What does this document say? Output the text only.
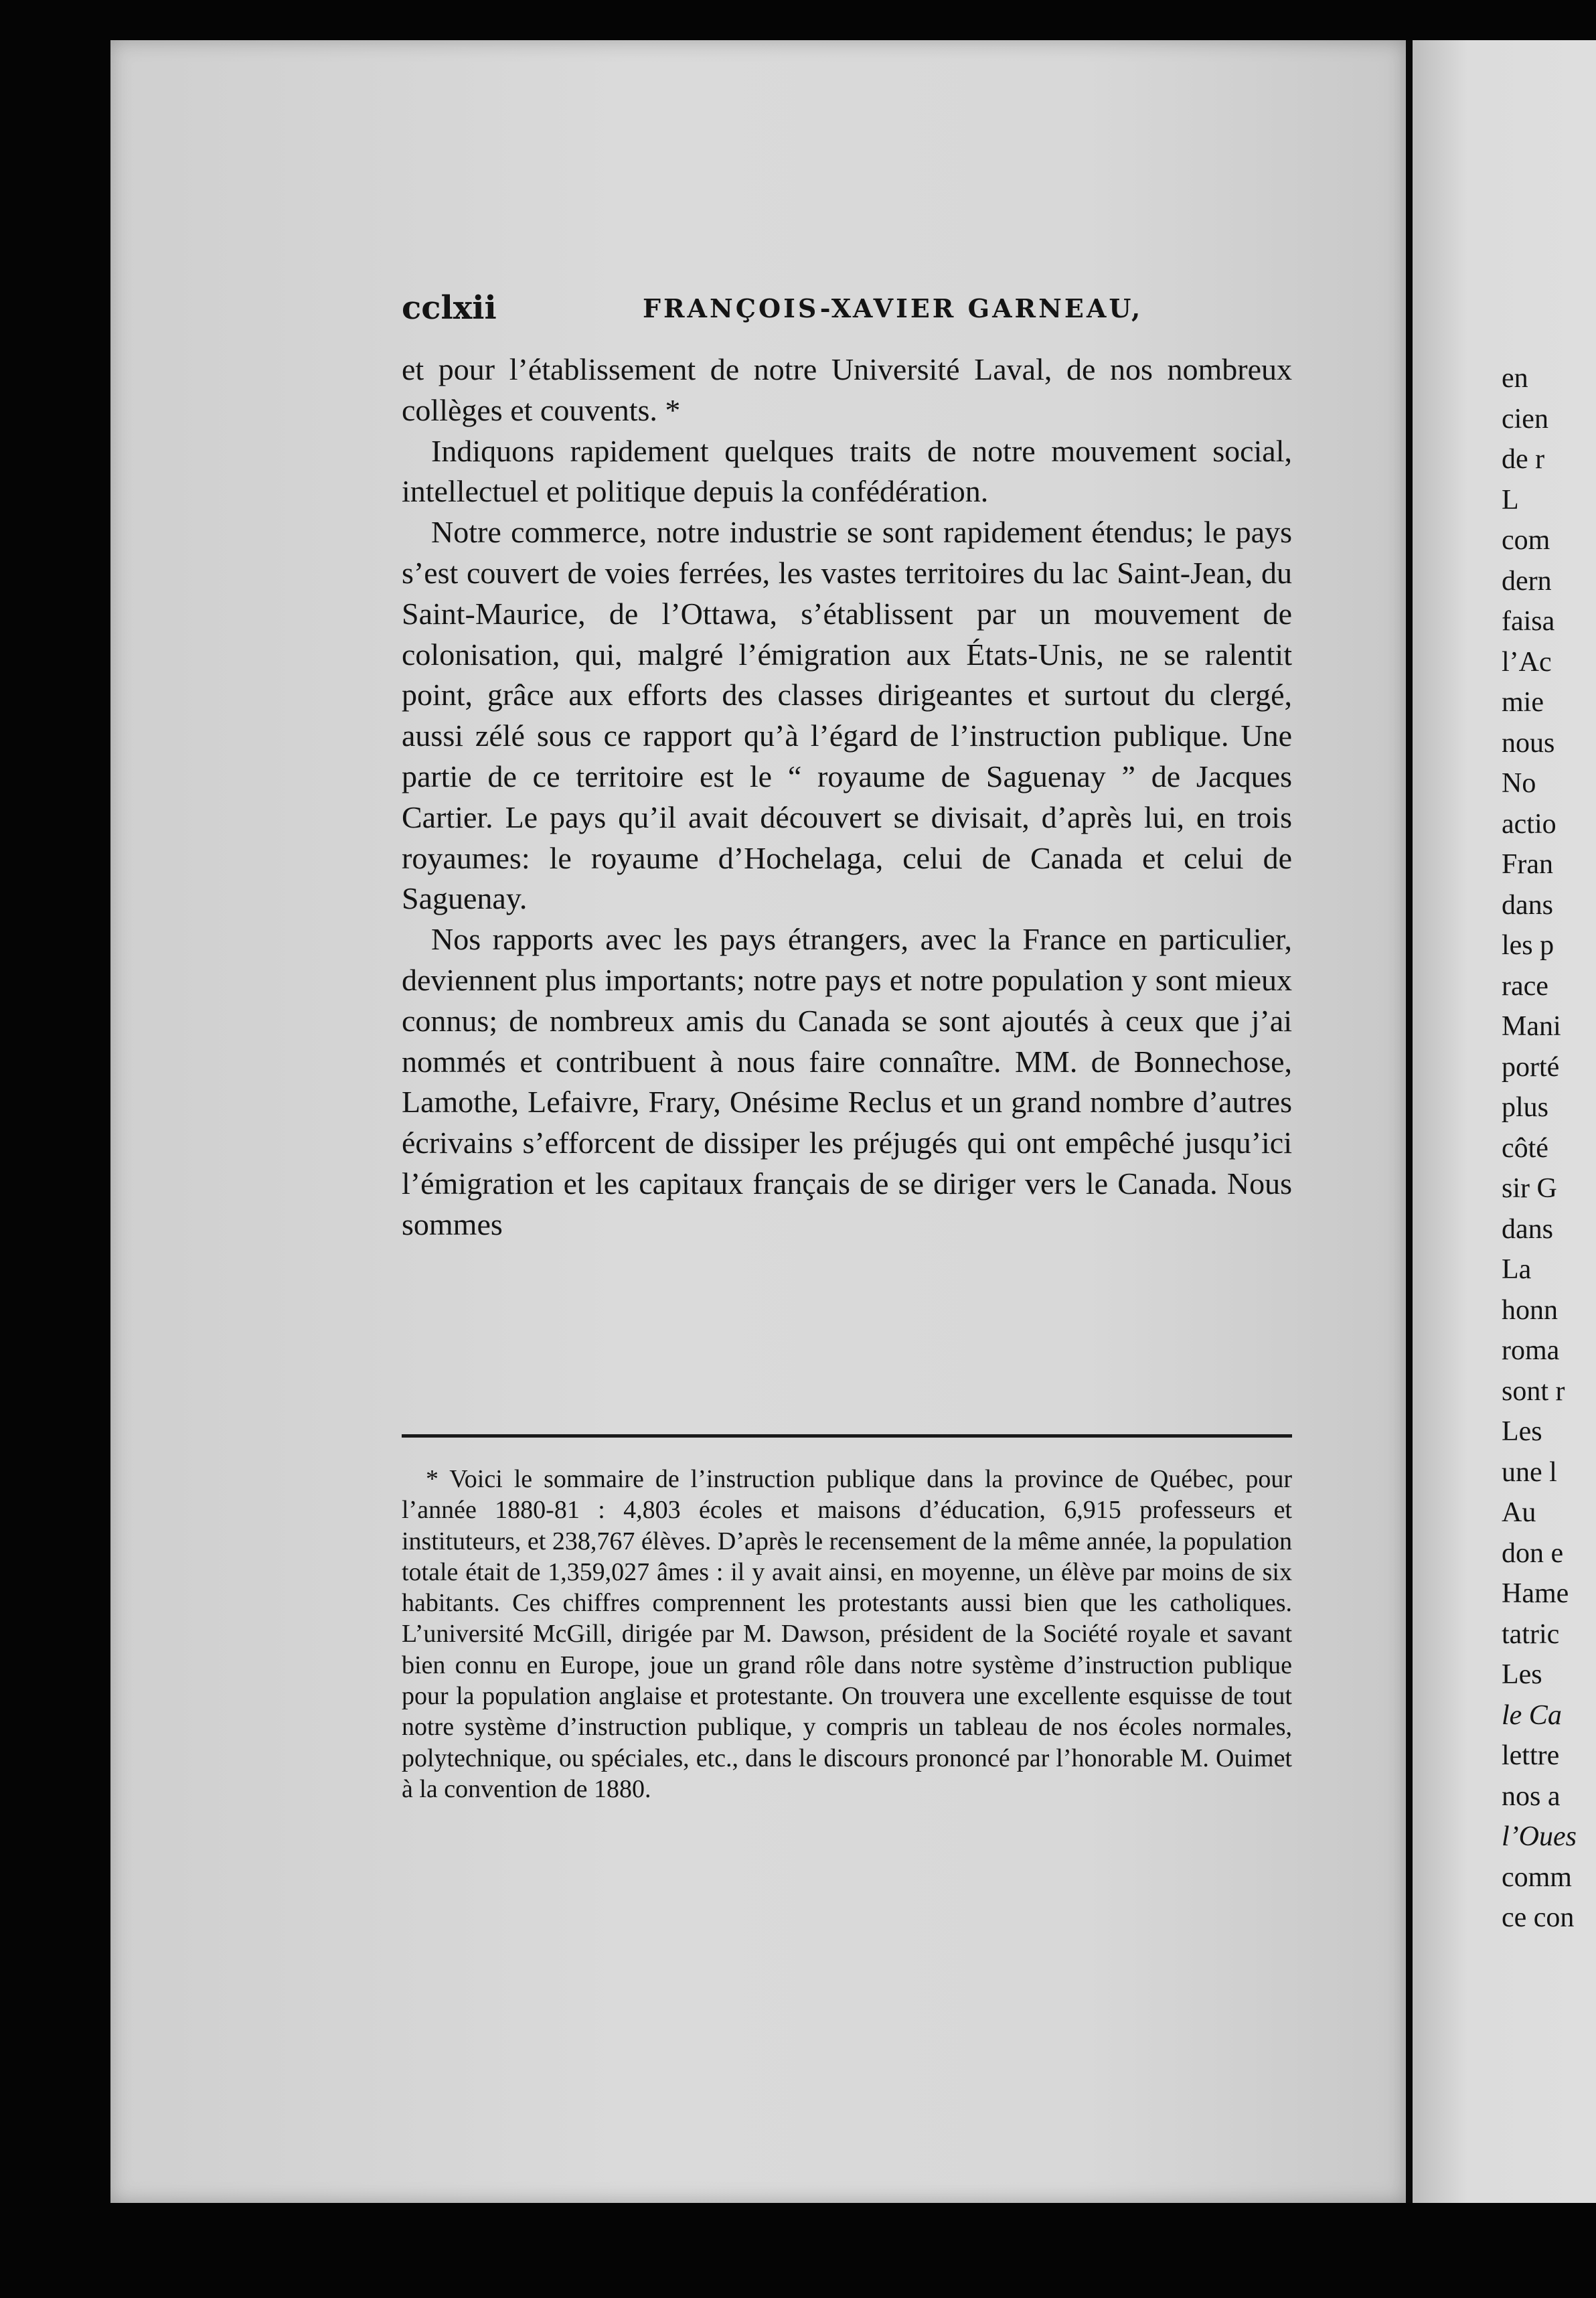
cclxii	FRANÇOIS-XAVIER GARNEAU,

et pour l’établissement de notre Université Laval, de nos nombreux collèges et couvents. *

Indiquons rapidement quelques traits de notre mouvement social, intellectuel et politique depuis la confédération.

Notre commerce, notre industrie se sont rapidement étendus; le pays s’est couvert de voies ferrées, les vastes territoires du lac Saint-Jean, du Saint-Maurice, de l’Ottawa, s’établissent par un mouvement de colonisation, qui, malgré l’émigration aux États-Unis, ne se ralentit point, grâce aux efforts des classes dirigeantes et surtout du clergé, aussi zélé sous ce rapport qu’à l’égard de l’instruction publique. Une partie de ce territoire est le “ royaume de Saguenay ” de Jacques Cartier. Le pays qu’il avait découvert se divisait, d’après lui, en trois royaumes: le royaume d’Hochelaga, celui de Canada et celui de Saguenay.

Nos rapports avec les pays étrangers, avec la France en particulier, deviennent plus importants; notre pays et notre population y sont mieux connus; de nombreux amis du Canada se sont ajoutés à ceux que j’ai nommés et contribuent à nous faire connaître. MM. de Bonnechose, Lamothe, Lefaivre, Frary, Onésime Reclus et un grand nombre d’autres écrivains s’efforcent de dissiper les préjugés qui ont empêché jusqu’ici l’émigration et les capitaux français de se diriger vers le Canada. Nous sommes

* Voici le sommaire de l’instruction publique dans la province de Québec, pour l’année 1880-81 : 4,803 écoles et maisons d’éducation, 6,915 professeurs et instituteurs, et 238,767 élèves. D’après le recensement de la même année, la population totale était de 1,359,027 âmes : il y avait ainsi, en moyenne, un élève par moins de six habitants. Ces chiffres comprennent les protestants aussi bien que les catholiques. L’université McGill, dirigée par M. Dawson, président de la Société royale et savant bien connu en Europe, joue un grand rôle dans notre système d’instruction publique pour la population anglaise et protestante. On trouvera une excellente esquisse de tout notre système d’instruction publique, y compris un tableau de nos écoles normales, polytechnique, ou spéciales, etc., dans le discours prononcé par l’honorable M. Ouimet à la convention de 1880.
en
cien
de r
L
com
dern
faisa
l’Ac
mie
nous
No
actio
Fran
dans
les p
race
Mani
porté
plus
côté
sir G
dans
La
honn
roma
sont r
Les
une l
Au
don e
Hame
tatric
Les
le Ca
lettre
nos a
l’Oues
comm
ce con
